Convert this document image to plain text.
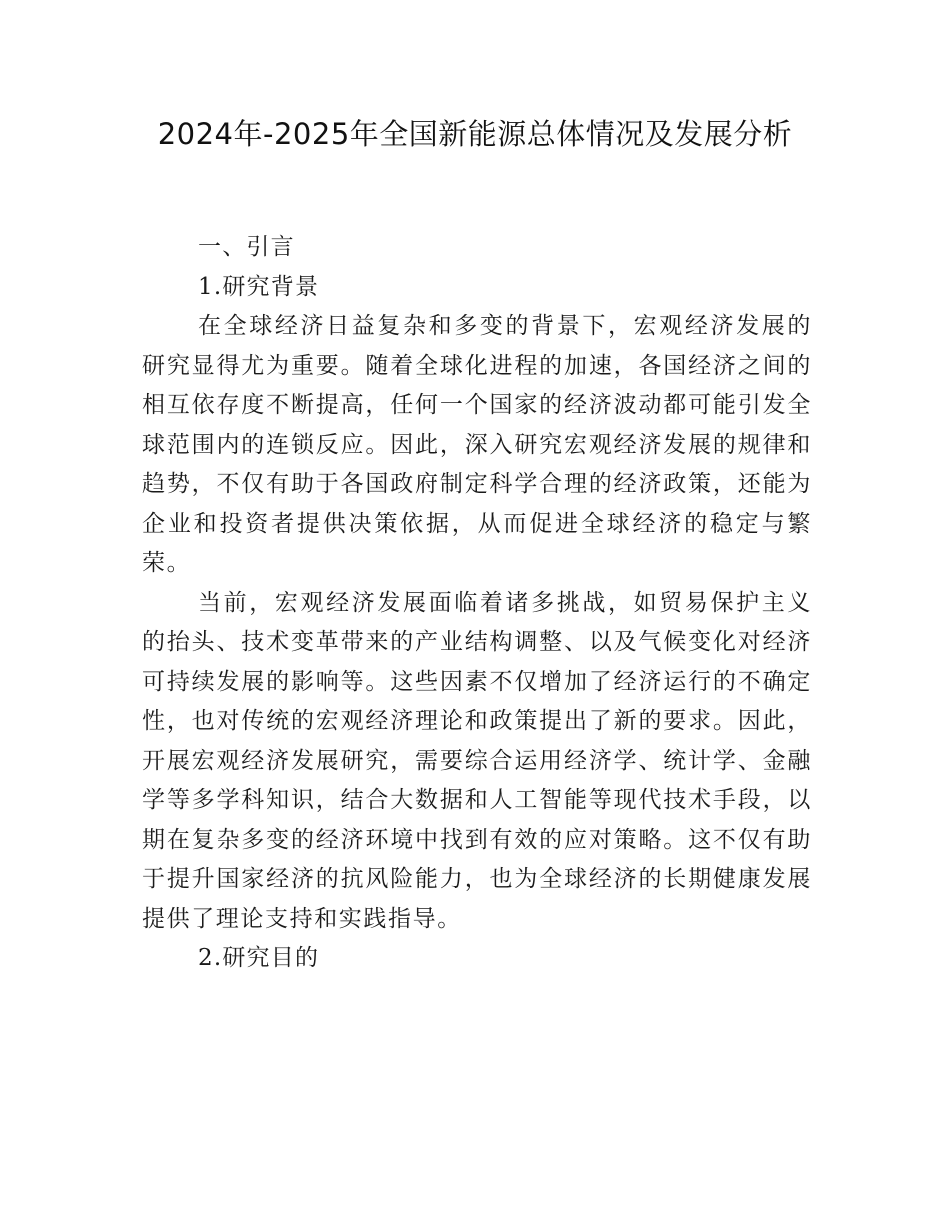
2024年-2025年全国新能源总体情况及发展分析

一、引言

1.研究背景

在全球经济日益复杂和多变的背景下，宏观经济发展的研究显得尤为重要。随着全球化进程的加速，各国经济之间的相互依存度不断提高，任何一个国家的经济波动都可能引发全球范围内的连锁反应。因此，深入研究宏观经济发展的规律和趋势，不仅有助于各国政府制定科学合理的经济政策，还能为企业和投资者提供决策依据，从而促进全球经济的稳定与繁荣。

当前，宏观经济发展面临着诸多挑战，如贸易保护主义的抬头、技术变革带来的产业结构调整、以及气候变化对经济可持续发展的影响等。这些因素不仅增加了经济运行的不确定性，也对传统的宏观经济理论和政策提出了新的要求。因此，开展宏观经济发展研究，需要综合运用经济学、统计学、金融学等多学科知识，结合大数据和人工智能等现代技术手段，以期在复杂多变的经济环境中找到有效的应对策略。这不仅有助于提升国家经济的抗风险能力，也为全球经济的长期健康发展提供了理论支持和实践指导。

2.研究目的
